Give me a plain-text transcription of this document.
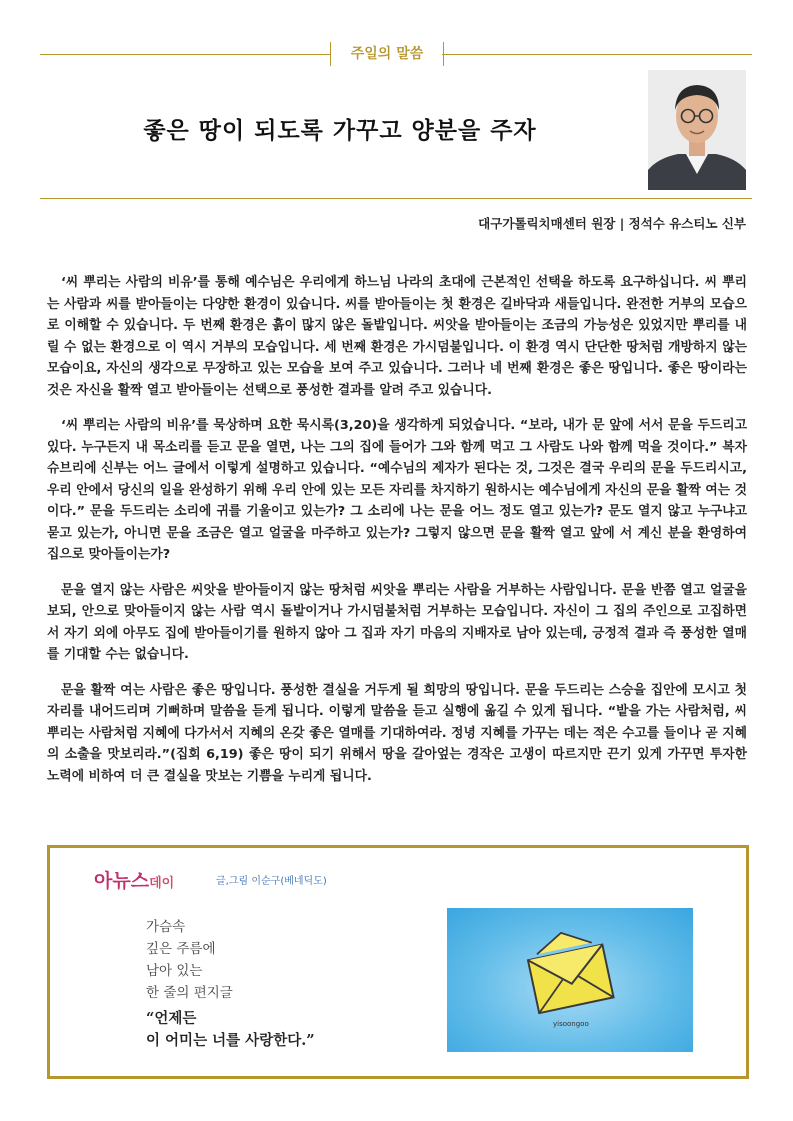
주일의 말씀
좋은 땅이 되도록 가꾸고 양분을 주자
대구가톨릭치매센터 원장 | 정석수 유스티노 신부

‘씨 뿌리는 사람의 비유’를 통해 예수님은 우리에게 하느님 나라의 초대에 근본적인 선택을 하도록 요구하십니다. 씨 뿌리는 사람과 씨를 받아들이는 다양한 환경이 있습니다. 씨를 받아들이는 첫 환경은 길바닥과 새들입니다. 완전한 거부의 모습으로 이해할 수 있습니다. 두 번째 환경은 흙이 많지 않은 돌밭입니다. 씨앗을 받아들이는 조금의 가능성은 있었지만 뿌리를 내릴 수 없는 환경으로 이 역시 거부의 모습입니다. 세 번째 환경은 가시덤불입니다. 이 환경 역시 단단한 땅처럼 개방하지 않는 모습이요, 자신의 생각으로 무장하고 있는 모습을 보여 주고 있습니다. 그러나 네 번째 환경은 좋은 땅입니다. 좋은 땅이라는 것은 자신을 활짝 열고 받아들이는 선택으로 풍성한 결과를 알려 주고 있습니다.

‘씨 뿌리는 사람의 비유’를 묵상하며 요한 묵시록(3,20)을 생각하게 되었습니다. “보라, 내가 문 앞에 서서 문을 두드리고 있다. 누구든지 내 목소리를 듣고 문을 열면, 나는 그의 집에 들어가 그와 함께 먹고 그 사람도 나와 함께 먹을 것이다.” 복자 슈브리에 신부는 어느 글에서 이렇게 설명하고 있습니다. “예수님의 제자가 된다는 것, 그것은 결국 우리의 문을 두드리시고, 우리 안에서 당신의 일을 완성하기 위해 우리 안에 있는 모든 자리를 차지하기 원하시는 예수님에게 자신의 문을 활짝 여는 것이다.” 문을 두드리는 소리에 귀를 기울이고 있는가? 그 소리에 나는 문을 어느 정도 열고 있는가? 문도 열지 않고 누구냐고 묻고 있는가, 아니면 문을 조금은 열고 얼굴을 마주하고 있는가? 그렇지 않으면 문을 활짝 열고 앞에 서 계신 분을 환영하여 집으로 맞아들이는가?

문을 열지 않는 사람은 씨앗을 받아들이지 않는 땅처럼 씨앗을 뿌리는 사람을 거부하는 사람입니다. 문을 반쯤 열고 얼굴을 보되, 안으로 맞아들이지 않는 사람 역시 돌밭이거나 가시덤불처럼 거부하는 모습입니다. 자신이 그 집의 주인으로 고집하면서 자기 외에 아무도 집에 받아들이기를 원하지 않아 그 집과 자기 마음의 지배자로 남아 있는데, 긍정적 결과 즉 풍성한 열매를 기대할 수는 없습니다.

문을 활짝 여는 사람은 좋은 땅입니다. 풍성한 결실을 거두게 될 희망의 땅입니다. 문을 두드리는 스승을 집안에 모시고 첫 자리를 내어드리며 기뻐하며 말씀을 듣게 됩니다. 이렇게 말씀을 듣고 실행에 옮길 수 있게 됩니다. “밭을 가는 사람처럼, 씨 뿌리는 사람처럼 지혜에 다가서서 지혜의 온갖 좋은 열매를 기대하여라. 정녕 지혜를 가꾸는 데는 적은 수고를 들이나 곧 지혜의 소출을 맛보리라.”(집회 6,19) 좋은 땅이 되기 위해서 땅을 갈아엎는 경작은 고생이 따르지만 끈기 있게 가꾸면 투자한 노력에 비하여 더 큰 결실을 맛보는 기쁨을 누리게 됩니다.

아뉴스데이	글,그림 이순구(베네딕도)
가슴속
깊은 주름에
남아 있는
한 줄의 편지글
“언제든
이 어미는 너를 사랑한다.”
yisoongoo
